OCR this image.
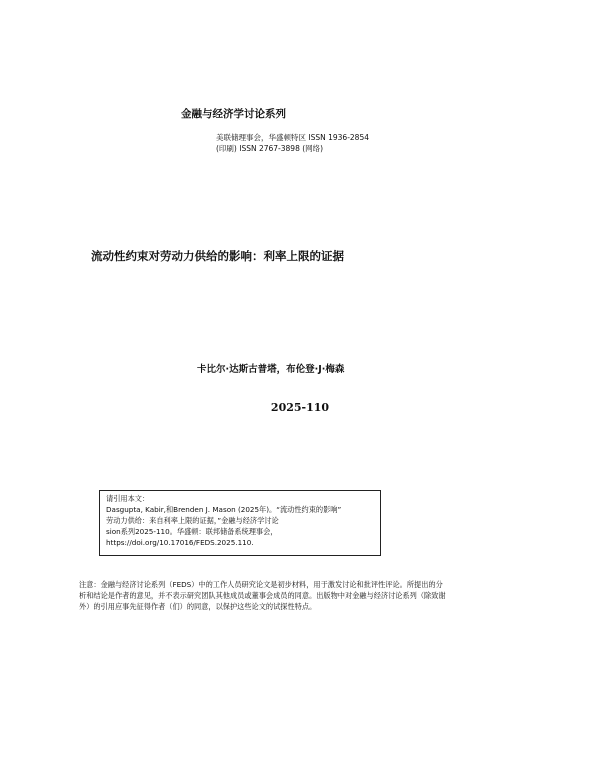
金融与经济学讨论系列
美联储理事会，华盛顿特区 ISSN 1936-2854
(印刷) ISSN 2767-3898 (网络)
流动性约束对劳动力供给的影响：利率上限的证据
卡比尔·达斯古普塔，布伦登·J·梅森
2025-110
请引用本文：
Dasgupta, Kabir,和Brenden J. Mason (2025年)。“流动性约束的影响”
劳动力供给：来自利率上限的证据，”金融与经济学讨论
sion系列2025-110。华盛顿：联邦储备系统理事会，
https://doi.org/10.17016/FEDS.2025.110.
注意：金融与经济讨论系列（FEDS）中的工作人员研究论文是初步材料，用于激发讨论和批评性评论。所提出的分
析和结论是作者的意见，并不表示研究团队其他成员或董事会成员的同意。出版物中对金融与经济讨论系列（除致谢
外）的引用应事先征得作者（们）的同意，以保护这些论文的试探性特点。
